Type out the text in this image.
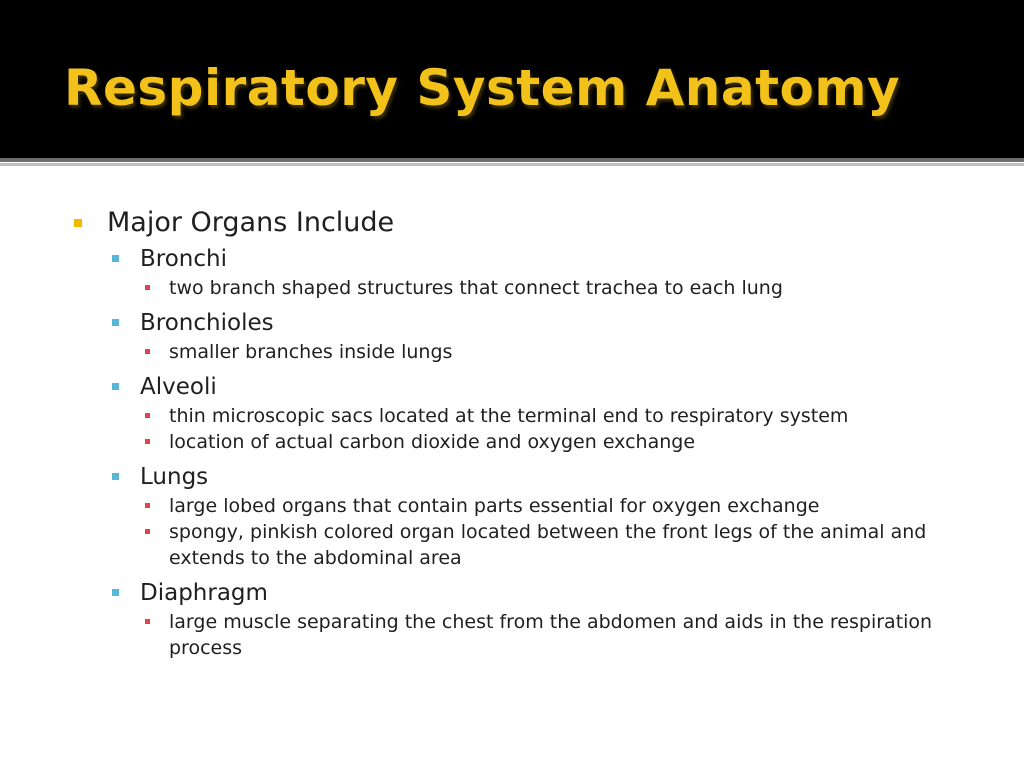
Respiratory System Anatomy
Major Organs Include
Bronchi
two branch shaped structures that connect trachea to each lung
Bronchioles
smaller branches inside lungs
Alveoli
thin microscopic sacs located at the terminal end to respiratory system
location of actual carbon dioxide and oxygen exchange
Lungs
large lobed organs that contain parts essential for oxygen exchange
spongy, pinkish colored organ located between the front legs of the animal and extends to the abdominal area
Diaphragm
large muscle separating the chest from the abdomen and aids in the respiration process
